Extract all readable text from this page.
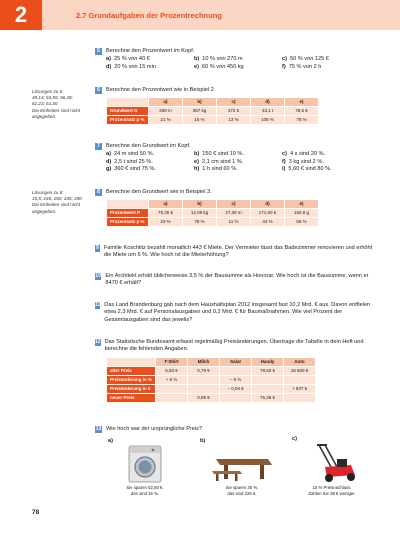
2	2.7 Grundaufgaben der Prozentrechnung
5	Berechne den Prozentwert im Kopf.
a) 25 % von 40 €	b) 10 % von 270 m	c) 50 % von 125 €
d) 20 % von 15 min	e) 60 % von 450 kg	f) 75 % von 2 h
Lösungen zu 6:
49,14; 53,55; 56,28;
61,23; 61,36
Die Einheiten sind nicht
angegeben.
6	Berechne den Prozentwert wie in Beispiel 2.
	a)	b)	c)	d)	e)
Grundwert G	268 m	357 kg	472 €	43,1 t	78,5 €
Prozentsatz p %	21 %	15 %	13 %	108 %	78 %
7	Berechne den Grundwert im Kopf.
a) 24 m sind 50 %.	b) 150 € sind 10 %.	c) 4 s sind 20 %.
d) 2,5 t sind 25 %.	e) 2,1 cm sind 1 %.	f) 3 kg sind 2 %.
g) 360 € sind 75 %.	h) 1 h sind 60 %.	i) 5,60 € sind 80 %.
Lösungen zu 8:
15,5; 246; 280; 345; 390
Die Einheiten sind nicht
angegeben.
8	Berechne den Grundwert wie in Beispiel 3.
	a)	b)	c)	d)	e)
Prozentwert P	79,35 €	12,09 kg	27,06 m	171,60 €	156,8 g
Prozentsatz p %	23 %	78 %	11 %	44 %	56 %
9 Familie Koschlitz bezahlt monatlich 443 € Miete. Der Vermieter lässt das Badezimmer renovieren und erhöht die Miete um 6 %. Wie hoch ist die Mieterhöhung?
10 Ein Architekt erhält üblicherweise 3,5 % der Bausumme als Honorar. Wie hoch ist die Bausumme, wenn er 8470 € erhält?
11 Das Land Brandenburg gab nach dem Haushaltsplan 2012 insgesamt fast 10,2 Mrd. € aus. Davon entfielen etwa 2,3 Mrd. € auf Personalausgaben und 0,2 Mrd. € für Baumaßnahmen. Wie viel Prozent der Gesamtausgaben sind das jeweils?
12 Das Statistische Bundesamt erfasst regelmäßig Preisänderungen. Übertrage die Tabelle in dein Heft und berechne die fehlenden Angaben.
	T-Shirt	Milch	Salat	Handy	Auto
alter Preis	5,50 €	0,79 €		78,50 €	18 600 €
Preisänderung in %	+ 6 %		− 5 %		
Preisänderung in €			− 0,04 €		+ 837 €
neuer Preis		0,89 €		75,36 €	
13 Wie hoch war der ursprüngliche Preis?
a)
Sie sparen 52,50 €,
das sind 15 %.
b)
Sie sparen 30 %,
das sind 225 €.
c)
15 % Preisnachlass.
Zahlen Sie 38 € weniger.
78
